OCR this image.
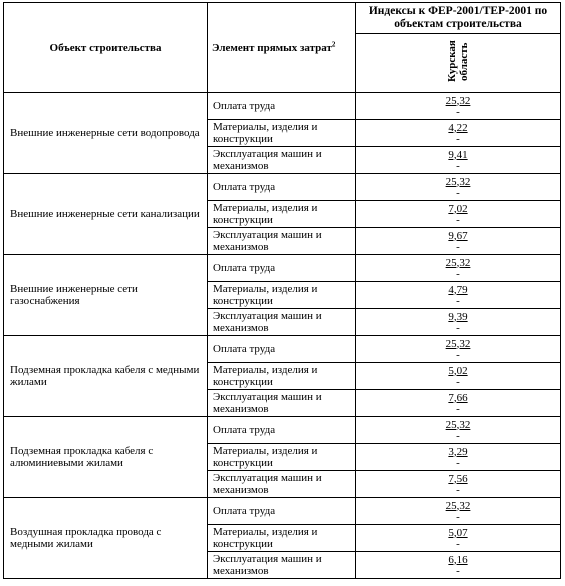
Объект строительства	Элемент прямых затрат$^2$	Индексы к ФЕР-2001/ТЕР-2001 по объектам строительства
		Курская область
Внешние инженерные сети водопровода	Оплата труда	25,32
-

	Материалы, изделия и конструкции	4,22
-

	Эксплуатация машин и механизмов	9,41
-

Внешние инженерные сети канализации	Оплата труда	25,32
-

	Материалы, изделия и конструкции	7,02
-

	Эксплуатация машин и механизмов	9,67
-

Внешние инженерные сети газоснабжения	Оплата труда	25,32
-

	Материалы, изделия и конструкции	4,79
-

	Эксплуатация машин и механизмов	9,39
-

Подземная прокладка кабеля с медными жилами	Оплата труда	25,32
-

	Материалы, изделия и конструкции	5,02
-

	Эксплуатация машин и механизмов	7,66
-

Подземная прокладка кабеля с алюминиевыми жилами	Оплата труда	25,32
-

	Материалы, изделия и конструкции	3,29
-

	Эксплуатация машин и механизмов	7,56
-

Воздушная прокладка провода с медными жилами	Оплата труда	25,32
-

	Материалы, изделия и конструкции	5,07
-

	Эксплуатация машин и механизмов	6,16
-
